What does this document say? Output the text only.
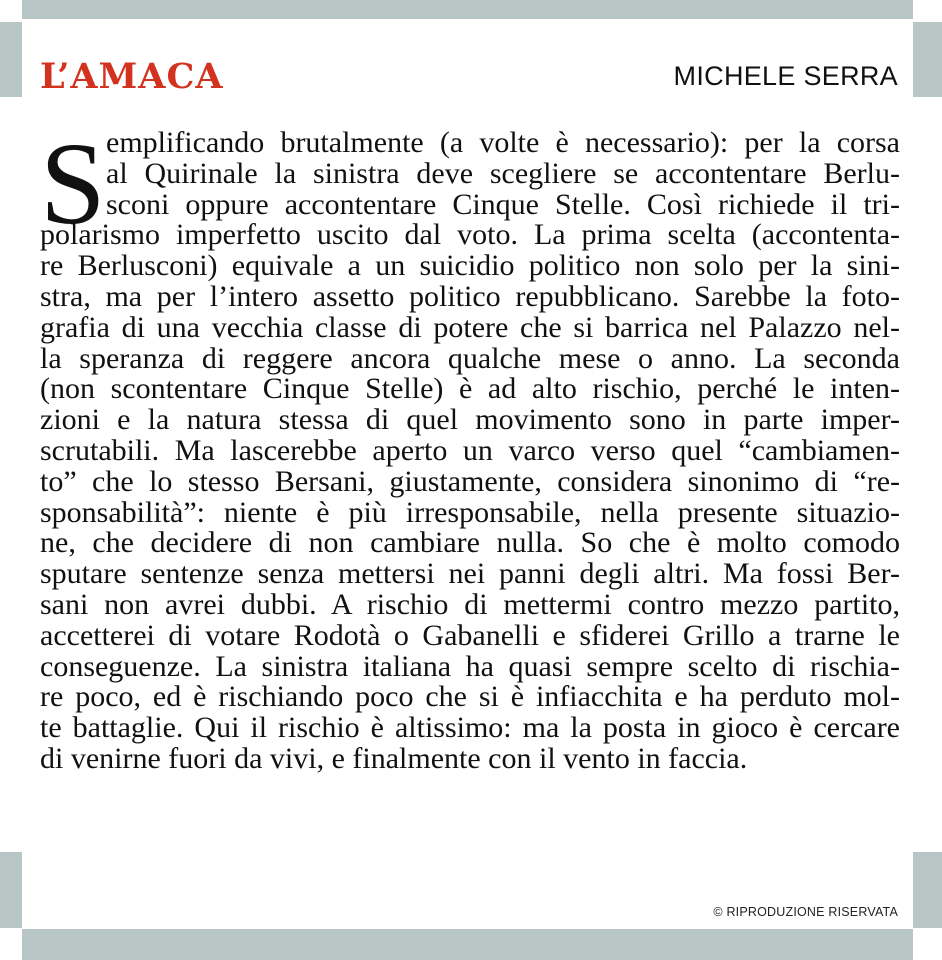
L’AMACA	MICHELE SERRA
S emplificando brutalmente (a volte è necessario): per la corsa
al Quirinale la sinistra deve scegliere se accontentare Berlu-
sconi oppure accontentare Cinque Stelle. Così richiede il tri-
polarismo imperfetto uscito dal voto. La prima scelta (accontenta-
re Berlusconi) equivale a un suicidio politico non solo per la sini-
stra, ma per l’intero assetto politico repubblicano. Sarebbe la foto-
grafia di una vecchia classe di potere che si barrica nel Palazzo nel-
la speranza di reggere ancora qualche mese o anno. La seconda
(non scontentare Cinque Stelle) è ad alto rischio, perché le inten-
zioni e la natura stessa di quel movimento sono in parte imper-
scrutabili. Ma lascerebbe aperto un varco verso quel “cambiamen-
to” che lo stesso Bersani, giustamente, considera sinonimo di “re-
sponsabilità”: niente è più irresponsabile, nella presente situazio-
ne, che decidere di non cambiare nulla. So che è molto comodo
sputare sentenze senza mettersi nei panni degli altri. Ma fossi Ber-
sani non avrei dubbi. A rischio di mettermi contro mezzo partito,
accetterei di votare Rodotà o Gabanelli e sfiderei Grillo a trarne le
conseguenze. La sinistra italiana ha quasi sempre scelto di rischia-
re poco, ed è rischiando poco che si è infiacchita e ha perduto mol-
te battaglie. Qui il rischio è altissimo: ma la posta in gioco è cercare
di venirne fuori da vivi, e finalmente con il vento in faccia.
© RIPRODUZIONE RISERVATA
